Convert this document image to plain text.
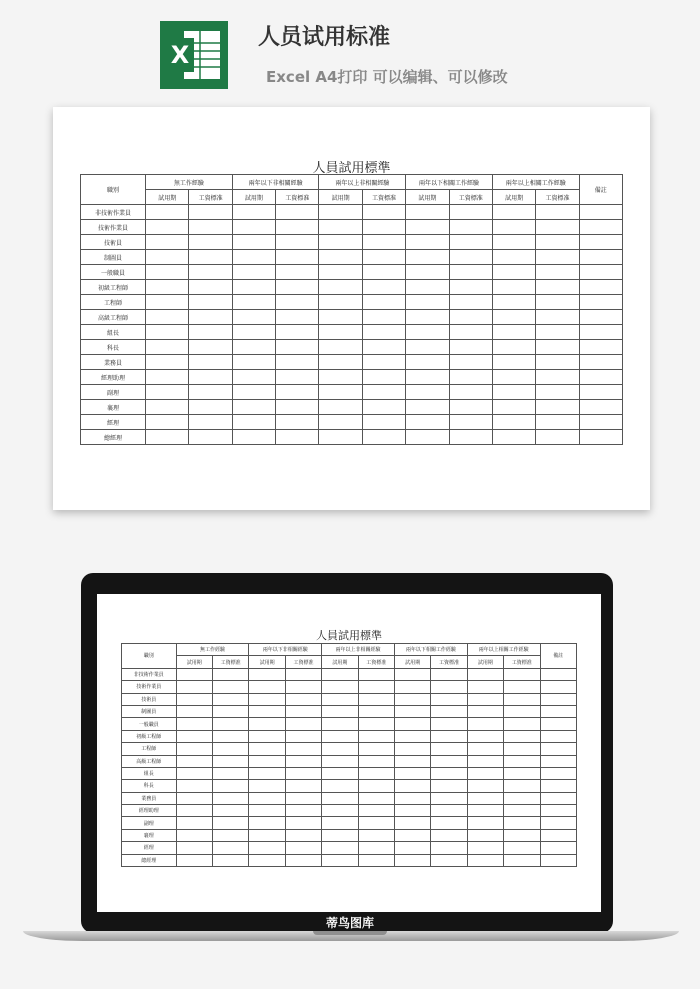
X
人员试用标准
Excel A4打印 可以编辑、可以修改
人員試用標準
職別	無工作經驗		兩年以下非相關經驗		兩年以上非相關經驗		兩年以下相關工作經驗		兩年以上相關工作經驗		備註
	試用期	工資標准	試用期	工資標准	試用期	工資標准	試用期	工資標准	試用期	工資標准	
非技術作業員											
技術作業員											
技術員											
制圖員											
一般職員											
初級工程師											
工程師											
高級工程師											
組長											
科長											
業務員											
經理助理											
副理											
襄理											
經理											
總經理											
人員試用標準
職別	無工作經驗		兩年以下非相關經驗		兩年以上非相關經驗		兩年以下相關工作經驗		兩年以上相關工作經驗		備註
	試用期	工資標准	試用期	工資標准	試用期	工資標准	試用期	工資標准	試用期	工資標准	
非技術作業員											
技術作業員											
技術員											
制圖員											
一般職員											
初級工程師											
工程師											
高級工程師											
組長											
科長											
業務員											
經理助理											
副理											
襄理											
經理											
總經理											
蒂鸟图库
